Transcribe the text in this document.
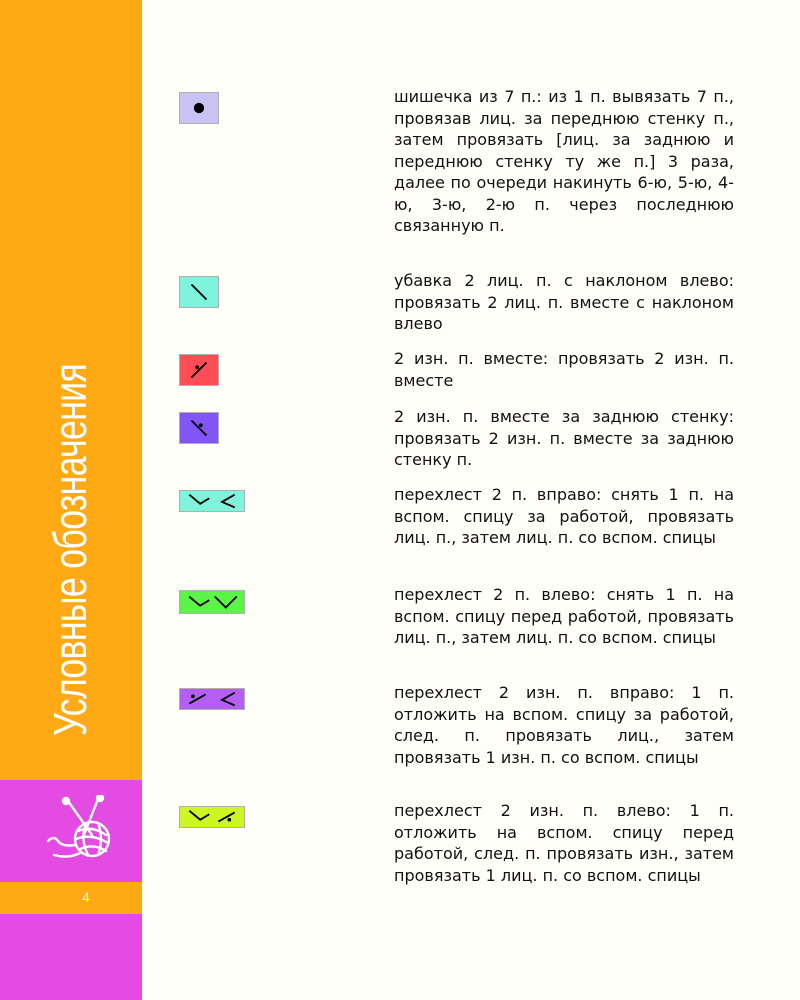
Условные обозначения
4
шишечка из 7 п.: из 1 п. вывязать 7 п., провязав лиц. за переднюю стенку п., затем провязать [лиц. за заднюю и переднюю стенку ту же п.] 3 раза, далее по очереди накинуть 6-ю, 5-ю, 4-ю, 3-ю, 2-ю п. через последнюю связанную п.
убавка 2 лиц. п. с наклоном влево: провязать 2 лиц. п. вместе с наклоном влево
2 изн. п. вместе: провязать 2 изн. п. вместе
2 изн. п. вместе за заднюю стенку: провязать 2 изн. п. вместе за заднюю стенку п.
перехлест 2 п. вправо: снять 1 п. на вспом. спицу за работой, провязать лиц. п., затем лиц. п. со вспом. спицы
перехлест 2 п. влево: снять 1 п. на вспом. спицу перед работой, провязать лиц. п., затем лиц. п. со вспом. спицы
перехлест 2 изн. п. вправо: 1 п. отложить на вспом. спицу за работой, след. п. провязать лиц., затем провязать 1 изн. п. со вспом. спицы
перехлест 2 изн. п. влево: 1 п. отложить на вспом. спицу перед работой, след. п. провязать изн., затем провязать 1 лиц. п. со вспом. спицы
